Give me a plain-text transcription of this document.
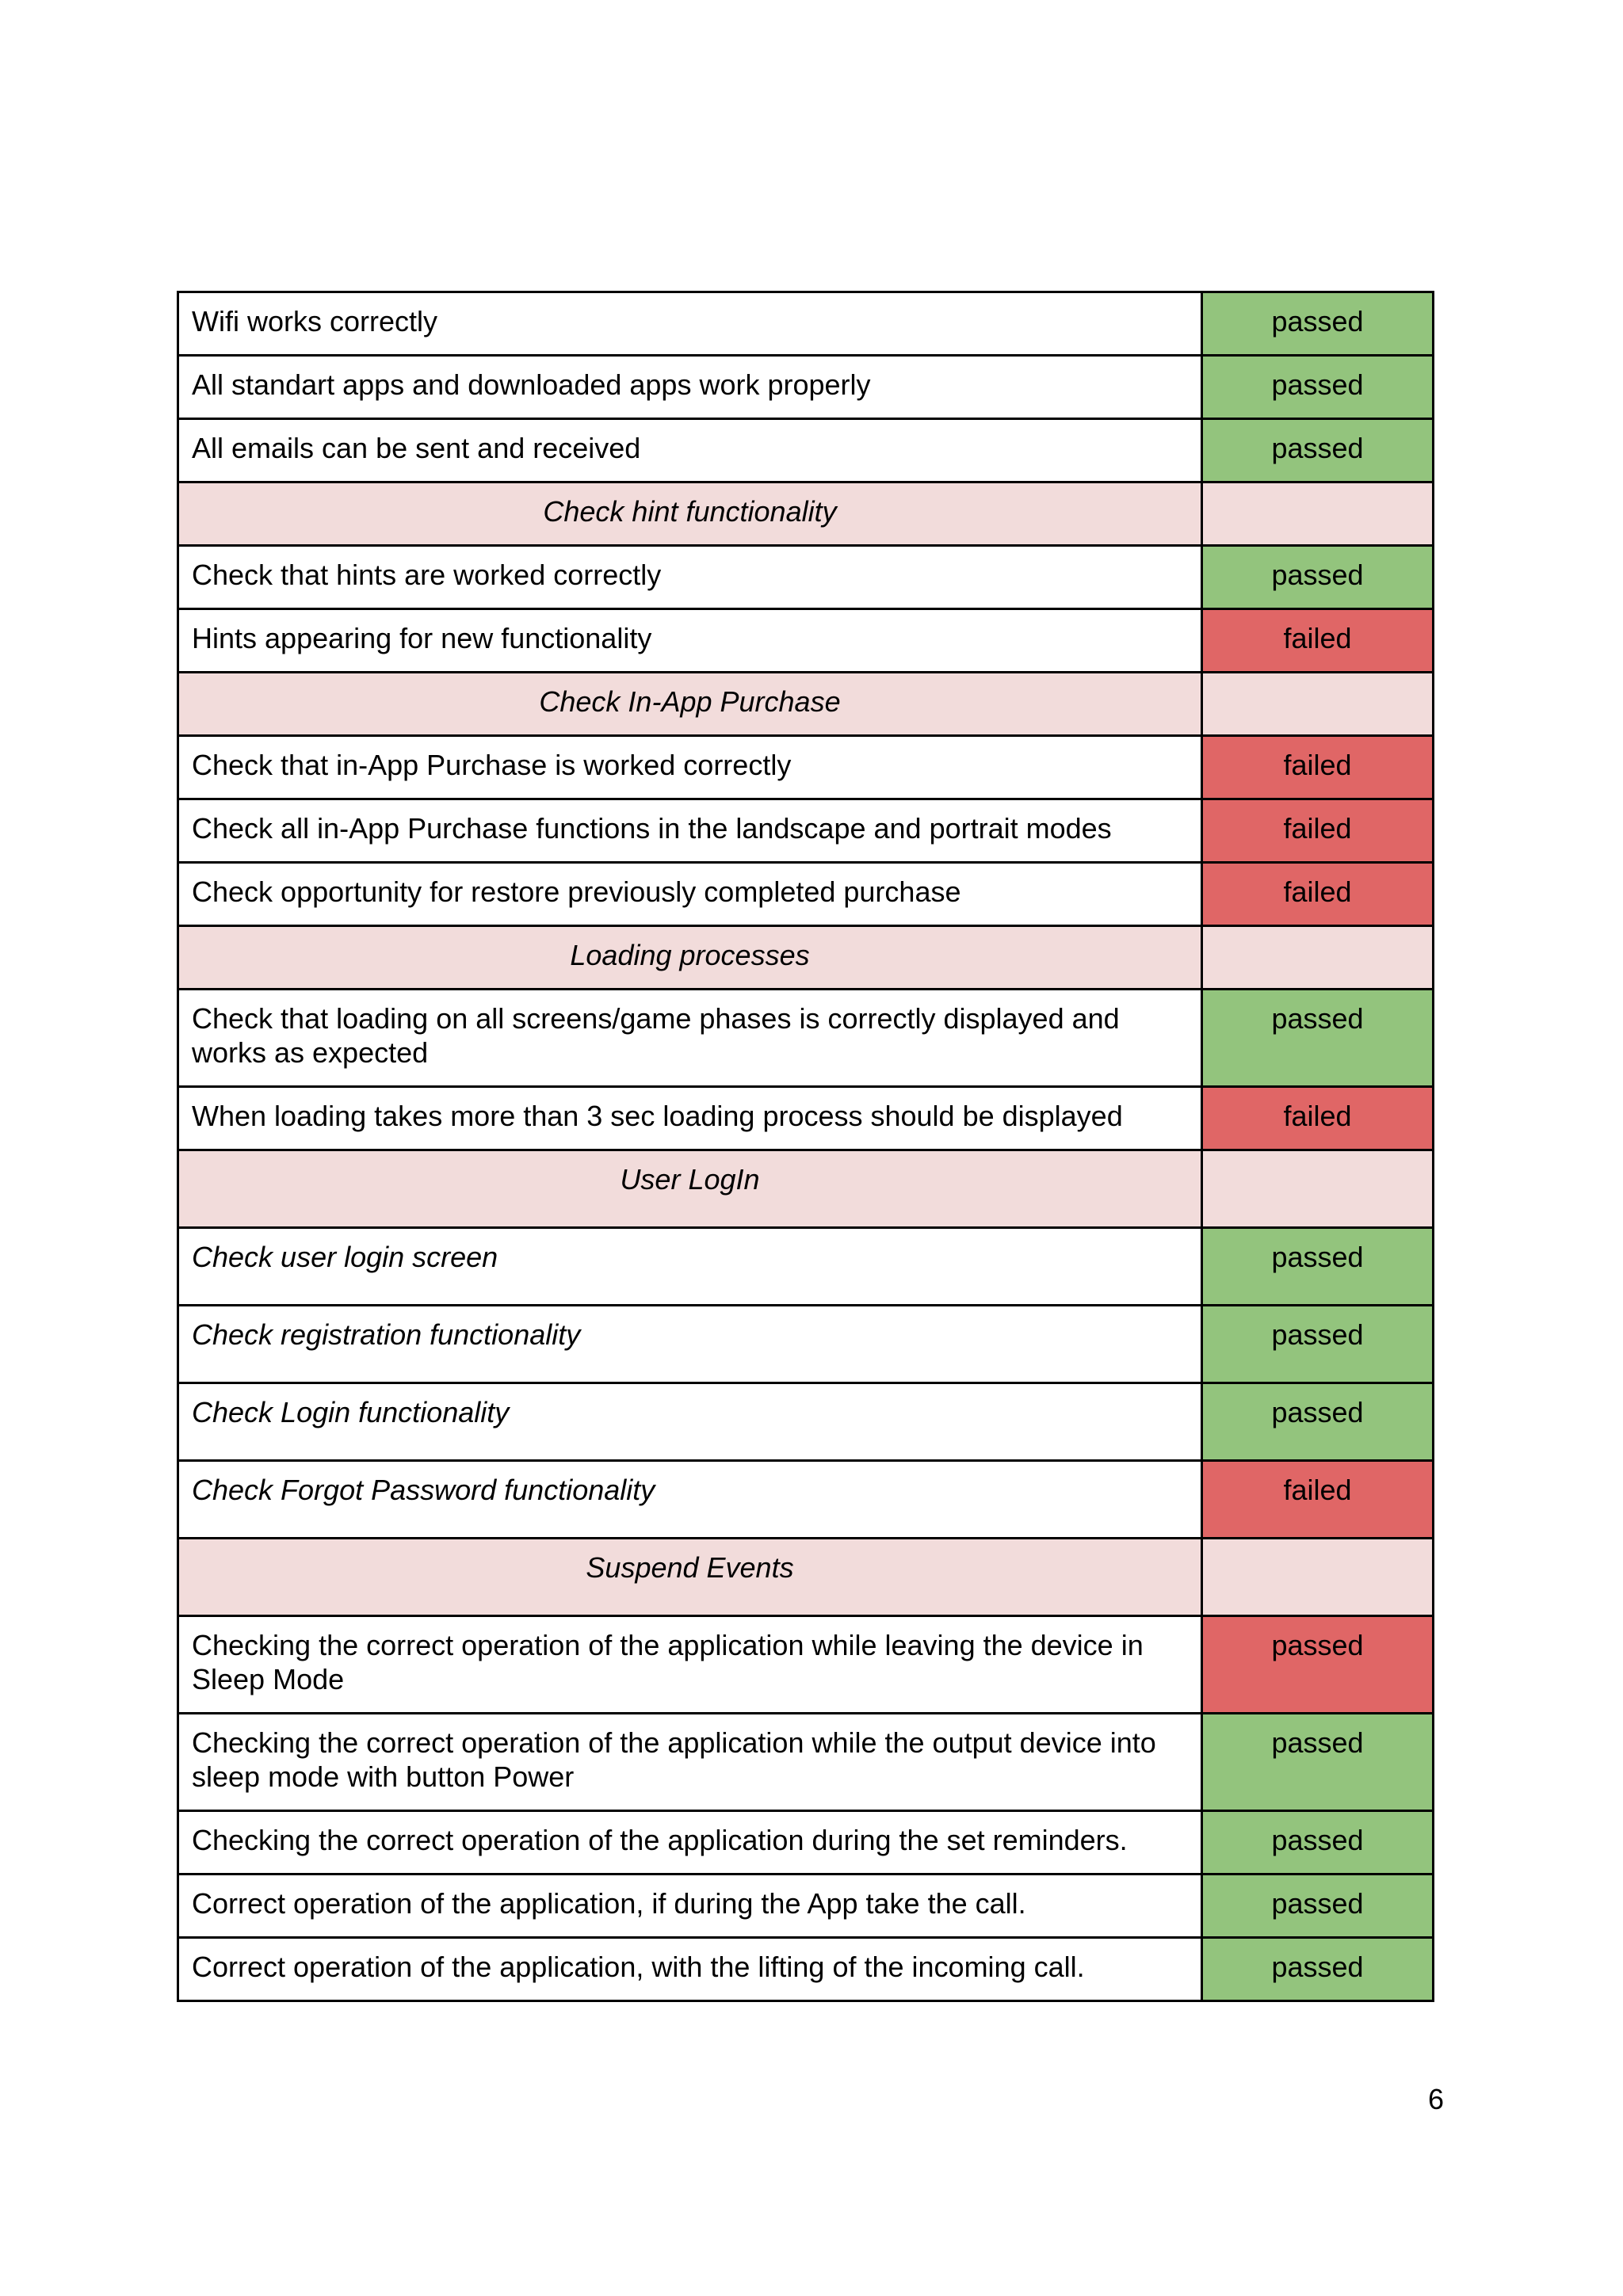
Wifi works correctly	passed
All standart apps and downloaded apps work properly	passed
All emails can be sent and received	passed
Check hint functionality	
Check that hints are worked correctly	passed
Hints appearing for new functionality	failed
Check In-App Purchase	
Check that in-App Purchase is worked correctly	failed
Check all in-App Purchase functions in the landscape and portrait modes	failed
Check opportunity for restore previously completed purchase	failed
Loading processes	
Check that loading on all screens/game phases is correctly displayed and works as expected	passed
When loading takes more than 3 sec loading process should be displayed	failed
User LogIn	
Check user login screen	passed
Check registration functionality	passed
Check Login functionality	passed
Check Forgot Password functionality	failed
Suspend Events	
Checking the correct operation of the application while leaving the device in Sleep Mode	passed
Checking the correct operation of the application while the output device into sleep mode with button Power	passed
Checking the correct operation of the application during the set reminders.	passed
Correct operation of the application, if during the App take the call.	passed
Correct operation of the application, with the lifting of the incoming call.	passed
6
